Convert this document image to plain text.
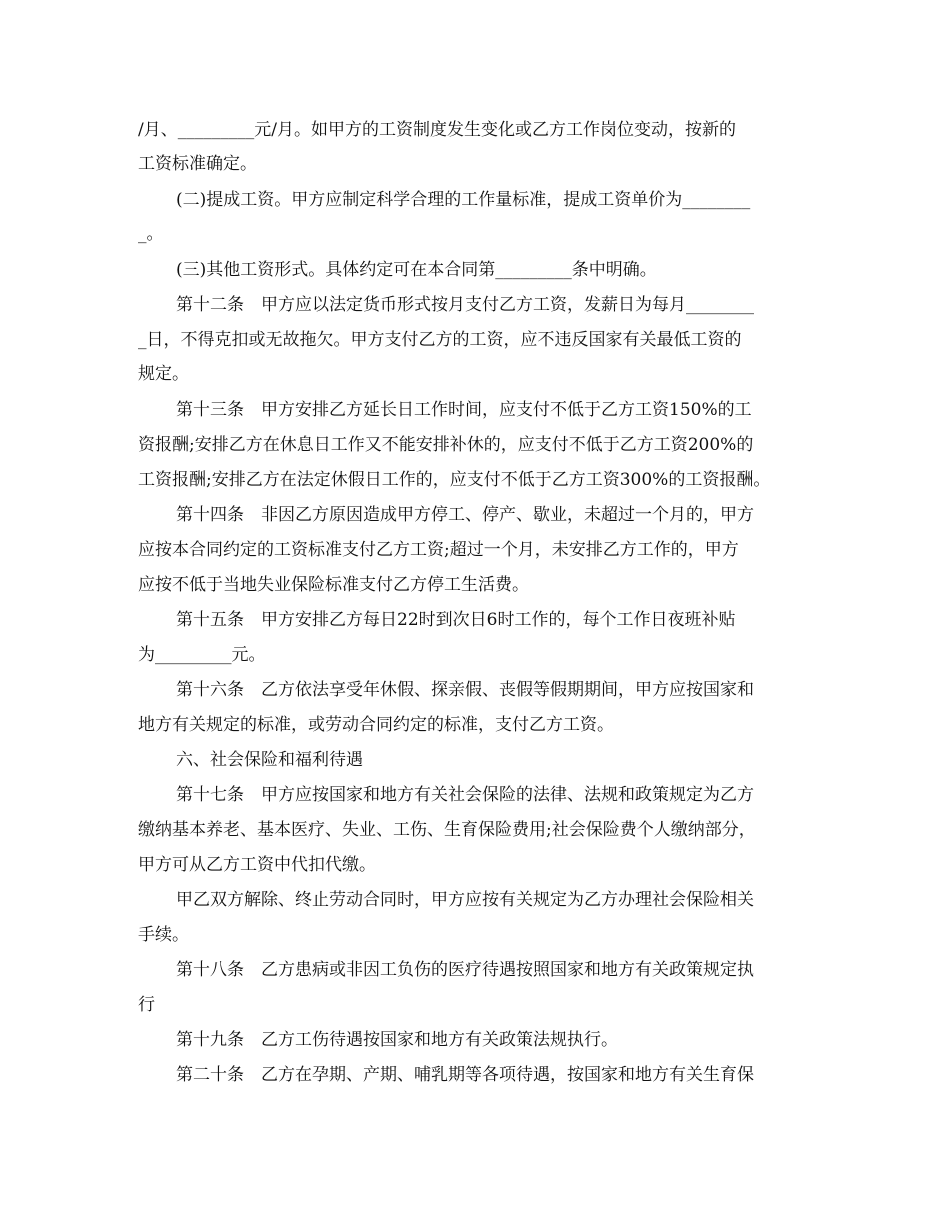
/月、_________元/月。如甲方的工资制度发生变化或乙方工作岗位变动，按新的
工资标准确定。
(二)提成工资。甲方应制定科学合理的工作量标准，提成工资单价为________
_。
(三)其他工资形式。具体约定可在本合同第_________条中明确。
第十二条　甲方应以法定货币形式按月支付乙方工资，发薪日为每月________
_日，不得克扣或无故拖欠。甲方支付乙方的工资，应不违反国家有关最低工资的
规定。
第十三条　甲方安排乙方延长日工作时间，应支付不低于乙方工资150%的工
资报酬;安排乙方在休息日工作又不能安排补休的，应支付不低于乙方工资200%的
工资报酬;安排乙方在法定休假日工作的，应支付不低于乙方工资300%的工资报酬。
第十四条　非因乙方原因造成甲方停工、停产、歇业，未超过一个月的，甲方
应按本合同约定的工资标准支付乙方工资;超过一个月，未安排乙方工作的，甲方
应按不低于当地失业保险标准支付乙方停工生活费。
第十五条　甲方安排乙方每日22时到次日6时工作的，每个工作日夜班补贴
为_________元。
第十六条　乙方依法享受年休假、探亲假、丧假等假期期间，甲方应按国家和
地方有关规定的标准，或劳动合同约定的标准，支付乙方工资。
六、社会保险和福利待遇
第十七条　甲方应按国家和地方有关社会保险的法律、法规和政策规定为乙方
缴纳基本养老、基本医疗、失业、工伤、生育保险费用;社会保险费个人缴纳部分，
甲方可从乙方工资中代扣代缴。
甲乙双方解除、终止劳动合同时，甲方应按有关规定为乙方办理社会保险相关
手续。
第十八条　乙方患病或非因工负伤的医疗待遇按照国家和地方有关政策规定执
行
第十九条　乙方工伤待遇按国家和地方有关政策法规执行。
第二十条　乙方在孕期、产期、哺乳期等各项待遇，按国家和地方有关生育保
